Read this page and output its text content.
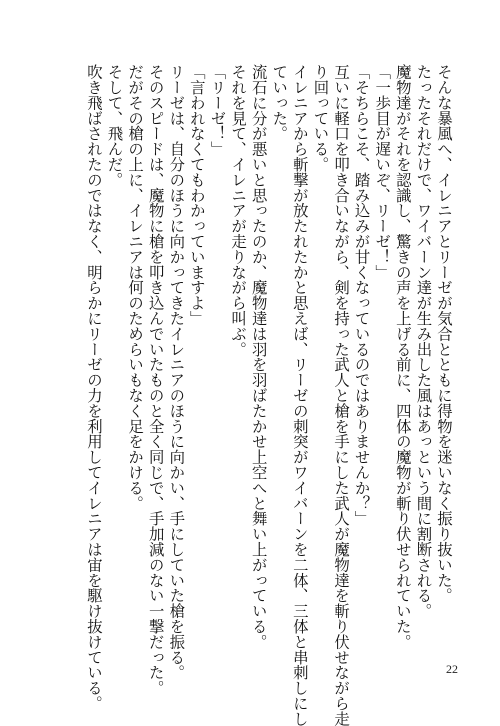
そんな暴風へ、イレニアとリーゼが気合とともに得物を迷いなく振り抜いた。
たったそれだけで、ワイバーン達が生み出した風はあっという間に割断される。
魔物達がそれを認識し、驚きの声を上げる前に、四体の魔物が斬り伏せられていた。
「一歩目が遅いぞ、リーゼ！」
「そちらこそ、踏み込みが甘くなっているのではありませんか？」
互いに軽口を叩き合いながら、剣を持った武人と槍を手にした武人が魔物達を斬り伏せながら走
り回っている。
イレニアから斬撃が放たれたかと思えば、リーゼの刺突がワイバーンを二体、三体と串刺しにし
ていった。
流石に分が悪いと思ったのか、魔物達は羽を羽ばたかせ上空へと舞い上がっている。
それを見て、イレニアが走りながら叫ぶ。
「リーゼ！」
「言われなくてもわかっていますよ」
リーゼは、自分のほうに向かってきたイレニアのほうに向かい、手にしていた槍を振る。
そのスピードは、魔物に槍を叩き込んでいたものと全く同じで、手加減のない一撃だった。
だがその槍の上に、イレニアは何のためらいもなく足をかける。
そして、飛んだ。
吹き飛ばされたのではなく、明らかにリーゼの力を利用してイレニアは宙を駆け抜けている。	22
